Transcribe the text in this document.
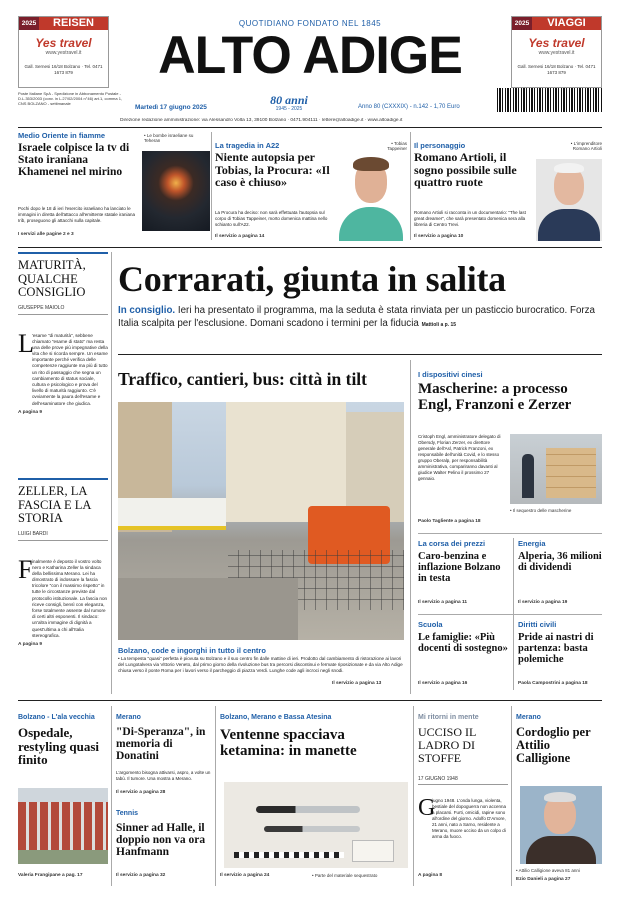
2025	REISEN
Yes travel
www.yestravel.it
Gall. Sernesi 16/18 Bolzano · Tel. 0471 1673 879
2025	VIAGGI
Yes travel
www.yestravel.it
Gall. Sernesi 16/18 Bolzano · Tel. 0471 1673 879
QUOTIDIANO FONDATO NEL 1845
ALTO ADIGE
Poste Italiane SpA - Spedizione in Abbonamento Postale - D.L.353/2003 (conv. in L.27/02/2004 n°46) art.1, comma 1, CNS BOLZANO - settimanale
Martedì 17 giugno 2025
80 anni
1945 - 2025	Anno 80 (CXXXIX) - n.142 - 1,70 Euro
Direzione redazione amministrazione: via Alessandro Volta 13, 39100 Bolzano · 0471.904111 · lettere@altoadige.it · www.altoadige.it
Medio Oriente in fiamme
Israele colpisce la tv di Stato iraniana Khamenei nel mirino
• Le bombe israeliane su Teheran
Pochi dopo le 18 di ieri l'esercito israeliano ha lanciato le immagini in diretta dell'attacco all'emittente statale iraniana Irib, proseguono gli attacchi sulla capitale.
I servizi alle pagine 2 e 3
La tragedia in A22
Niente autopsia per Tobias, la Procura: «Il caso è chiuso»
• Tobias Tappeiner
La Procura ha deciso: non sarà effettuata l'autopsia sul corpo di Tobias Tappeiner, morto domenica mattina nello schianto sull'A22.
Il servizio a pagina 14
Il personaggio
Romano Artioli, il sogno possibile sulle quattro ruote
• L'imprenditore Romano Artioli
Romano Artioli si racconta in un documentario: "The last great dreamer", che sarà presentato domenica sera alla libreria di Centro Trevi.
Il servizio a pagina 10
MATURITÀ, QUALCHE CONSIGLIO
GIUSEPPE MAIOLO
L
'esame "di maturità", sebbene chiamato "esame di stato" ma resta una delle prove più impegnative della vita che si ricorda sempre. Un esame importante perché verifica delle competenze raggiunte ma più di tutto un rito di passaggio che segna un cambiamento di status sociale, cultura e psicologico e prova del livello di maturità raggiunto. C'è ovviamente la paura dell'esame e dell'esaminatore che giudica.
A pagina 9
ZELLER, LA FASCIA E LA STORIA
LUIGI BARDI
F inalmente è deposto il vostro volto nero e Katharina Zeller la sindaca della bellissima Merano. Lei ha dimostrato di indossare la fascia tricolore "con il massimo rispetto" in tutte le circostanze previste dal protocollo istituzionale. La fascia non riceve consigli, bensì con eleganza, forse totalmente assente dal rumore di certi altri esponenti. Il sindaco: un'altra immagine di dignità a quest'ultima a chi all'Italia stereografica.
A pagina 9
Corrarati, giunta in salita
In consiglio. Ieri ha presentato il programma, ma la seduta è stata rinviata per un pasticcio burocratico. Forza Italia scalpita per l'esclusione. Domani scadono i termini per la fiducia Mattioli a p. 15
Traffico, cantieri, bus: città in tilt
Bolzano, code e ingorghi in tutto il centro
• La tempesta "quasi" perfetta è piovuta su Bolzano e il suo centro fin dalle mattine di ieri. Prodotto dal cambiamento di ristorazione ai lavori del Lungotalvera via Vittorio Veneto, dal primo giorno della rivoluzione bus tra percorsi discontinui e fermate riposizionate e da via Alto Adige chiusa verso il ponte Roma per i lavori verso il parcheggio di piazza Verdi. Lunghe code agli incroci negli snodi.
Il servizio a pagina 13
I dispositivi cinesi
Mascherine: a processo Engl, Franzoni e Zerzer
Cristoph Engl, amministratore delegato di Obersdy, Florian Zerzer, ex direttore generale dell'Asl, Patrick Franzoni, ex responsabile dell'unità Covid, e lo stesso gruppo Oberalp, per responsabilità amministrativa, compariranno davanti al giudice Walter Pelino il prossimo 27 gennaio.
• Il sequestro delle mascherine
Paolo Tagliente a pagina 18
La corsa dei prezzi
Caro-benzina e inflazione Bolzano in testa
Il servizio a pagina 11
Energia
Alperia, 36 milioni di dividendi
Il servizio a pagina 19
Scuola
Le famiglie: «Più docenti di sostegno»
Il servizio a pagina 16
Diritti civili
Pride ai nastri di partenza: basta polemiche
Paola Campostrini a pagina 18
Bolzano - L'ala vecchia
Ospedale, restyling quasi finito
Valeria Frangipane a pag. 17
Merano
"Di-Speranza", in memoria di Donatini
L'argomento bisogna attivarsi, aspro, a volte un tabù. Il tumore. Una mostra a Merano.
Il servizio a pagina 28
Tennis
Sinner ad Halle, il doppio non va ora Hanfmann
Il servizio a pagina 32
Bolzano, Merano e Bassa Atesina
Ventenne spacciava ketamina: in manette
Il servizio a pagina 24	• Parte del materiale sequestrato
Mi ritorni in mente
UCCISO IL LADRO DI STOFFE
17 GIUGNO 1948
G
iugno 1948. L'onda lunga, violenta, bestiale del dopoguerra non accenna a placarsi. Furti, omicidi, rapine sono all'ordine del giorno. Adolfo D'Amore, 21 anni, nato a Sarno, residente a Merano, muore ucciso da un colpo di arma da fuoco.
A pagina 8
Merano
Cordoglio per Attilio Calligione
• Attilio Calligione aveva 81 anni
Ezio Danieli a pagina 27
